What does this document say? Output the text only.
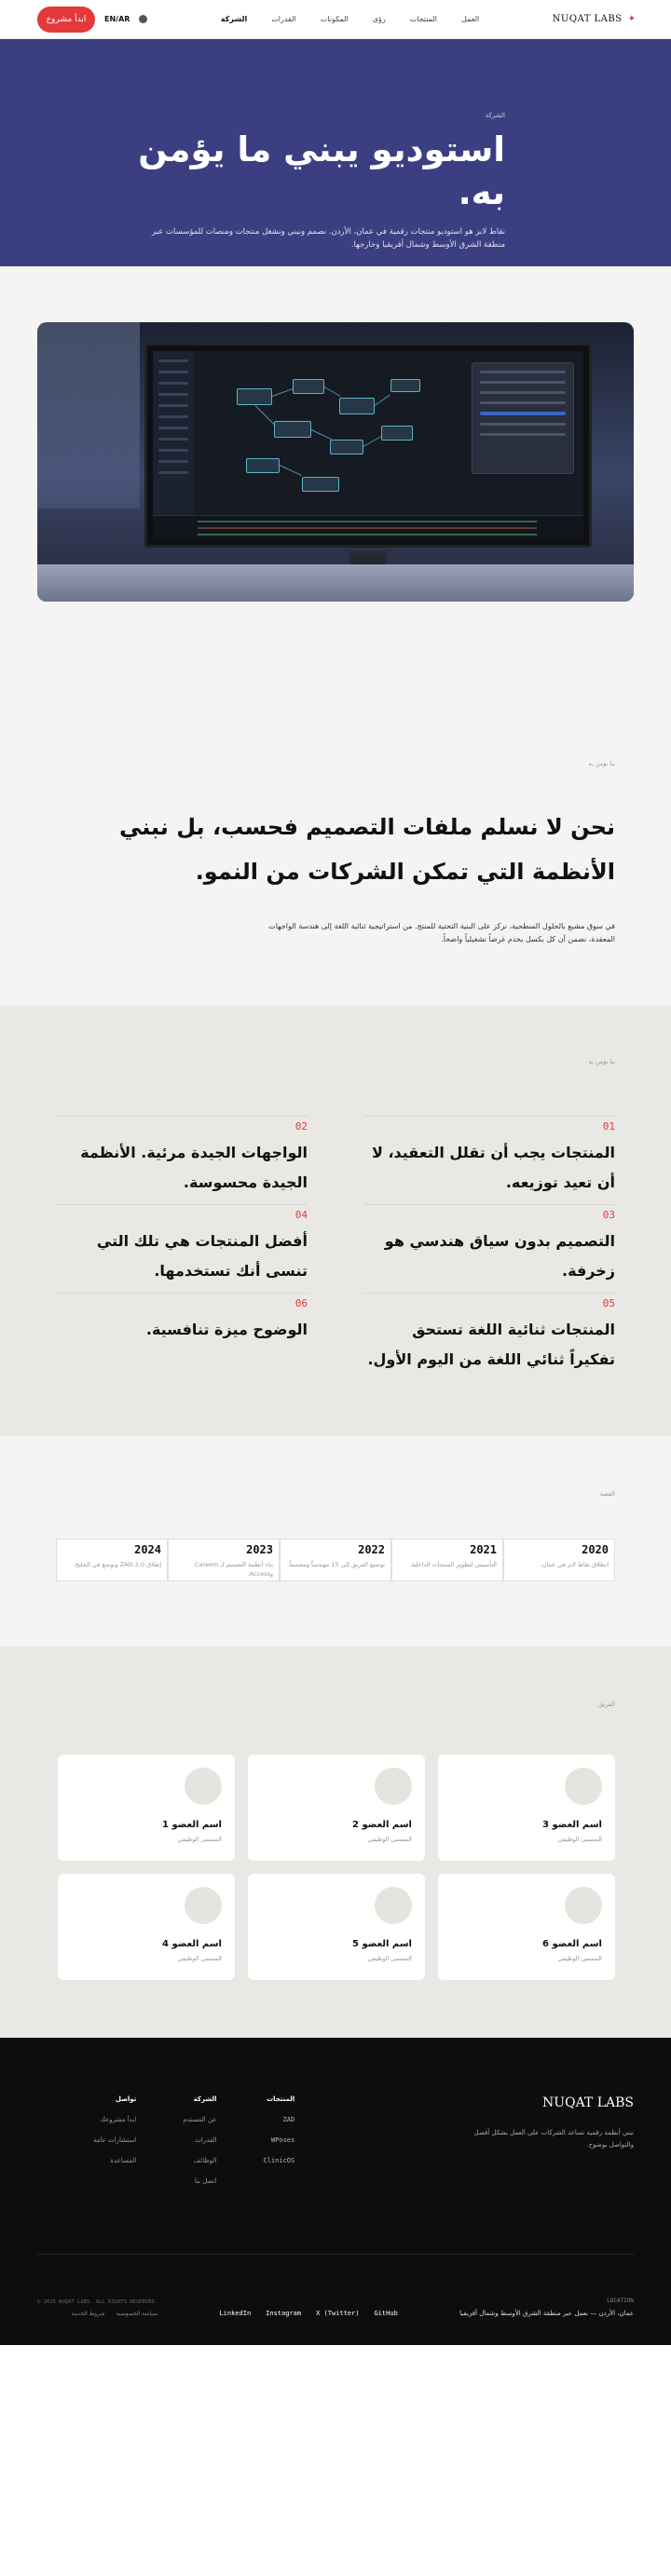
NUQAT LABS ✦
العمل
المنتجات
رؤى
المكونات
القدرات
الشركة
ابدأ مشروع	EN/AR
الشركة
استوديو يبني ما يؤمن به.

نقاط لابز هو استوديو منتجات رقمية في عمان، الأردن. نصمم ونبني ونشغل منتجات ومنصات للمؤسسات عبر منطقة الشرق الأوسط وشمال أفريقيا وخارجها.

ما نؤمن به
نحن لا نسلم ملفات التصميم فحسب، بل نبني الأنظمة التي تمكن الشركات من النمو.

في سوق مشبع بالحلول السطحية، نركز على البنية التحتية للمنتج. من استراتيجية ثنائية اللغة إلى هندسة الواجهات المعقدة، نضمن أن كل بكسل يخدم غرضاً تشغيلياً واضحاً.

ما نؤمن به
01
المنتجات يجب أن تقلل التعقيد، لا أن تعيد توزيعه.
02
الواجهات الجيدة مرئية. الأنظمة الجيدة محسوسة.
03
التصميم بدون سياق هندسي هو زخرفة.
04
أفضل المنتجات هي تلك التي تنسى أنك تستخدمها.
05
المنتجات ثنائية اللغة تستحق تفكيراً ثنائي اللغة من اليوم الأول.
06
الوضوح ميزة تنافسية.
القصة
2020
انطلاق نقاط لابز في عمان.
2021
التأسيس لتطوير المنتجات الداخلية.
2022
توسيع الفريق إلى 15 مهندساً ومصمماً.
2023
بناء أنظمة التصميم لـ Careem وAccess.
2024
إطلاق ZAD 2.0 وتوسع في الخليج.
الفريق
اسم العضو 3
المسمى الوظيفي
اسم العضو 2
المسمى الوظيفي
اسم العضو 1
المسمى الوظيفي
اسم العضو 6
المسمى الوظيفي
اسم العضو 5
المسمى الوظيفي
اسم العضو 4
المسمى الوظيفي
NUQAT LABS

نبني أنظمة رقمية تساعد الشركات على العمل بشكل أفضل والتواصل بوضوح.

المنتجات
ZAD
WPoses
ClinicOS
الشركة
عن المستدم
القدرات
الوظائف
اتصل بنا
تواصل
ابدأ مشروعك
استشارات عامة
المساعدة
LOCATION
عمان، الأردن — نعمل عبر منطقة الشرق الأوسط وشمال أفريقيا
LinkedIn Instagram X (Twitter) GitHub
© 2025 NUQAT LABS. ALL RIGHTS RESERVED.
سياسة الخصوصية
شروط الخدمة
